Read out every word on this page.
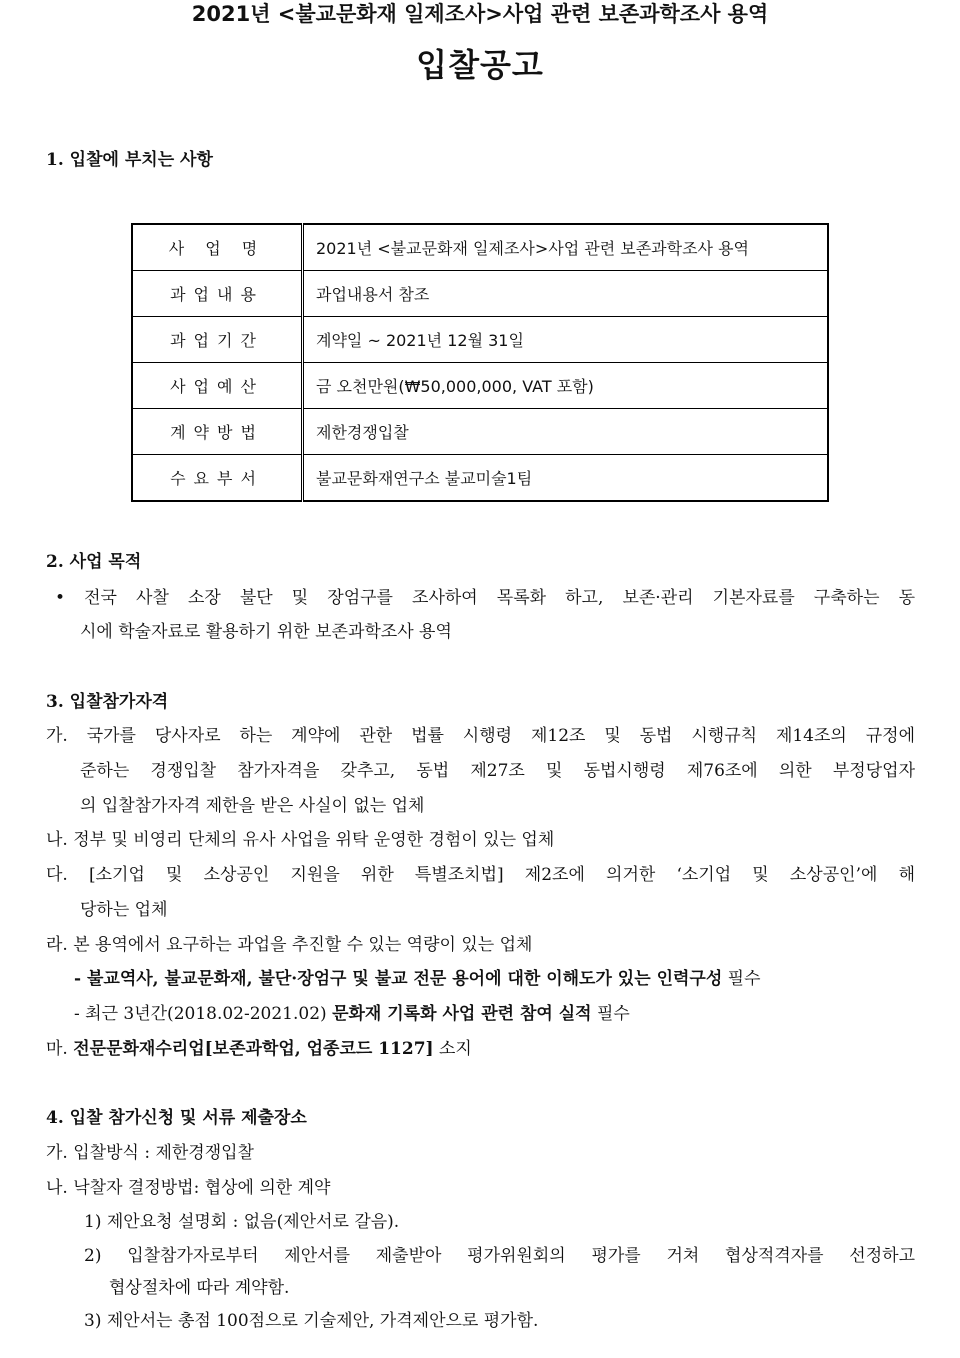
2021년 <불교문화재 일제조사>사업 관련 보존과학조사 용역
입찰공고
1. 입찰에 부치는 사항
사 업 명	2021년 <불교문화재 일제조사>사업 관련 보존과학조사 용역
과업내용	과업내용서 참조
과업기간	계약일 ~ 2021년 12월 31일
사업예산	금 오천만원(₩50,000,000, VAT 포함)
계약방법	제한경쟁입찰
수요부서	불교문화재연구소 불교미술1팀
2. 사업 목적
• 전국 사찰 소장 불단 및 장엄구를 조사하여 목록화 하고, 보존·관리 기본자료를 구축하는 동
시에 학술자료로 활용하기 위한 보존과학조사 용역
3. 입찰참가자격
가. 국가를 당사자로 하는 계약에 관한 법률 시행령 제12조 및 동법 시행규칙 제14조의 규정에
준하는 경쟁입찰 참가자격을 갖추고, 동법 제27조 및 동법시행령 제76조에 의한 부정당업자
의 입찰참가자격 제한을 받은 사실이 없는 업체
나. 정부 및 비영리 단체의 유사 사업을 위탁 운영한 경험이 있는 업체
다. [소기업 및 소상공인 지원을 위한 특별조치법] 제2조에 의거한 ‘소기업 및 소상공인’에 해
당하는 업체
라. 본 용역에서 요구하는 과업을 추진할 수 있는 역량이 있는 업체
- 불교역사, 불교문화재, 불단·장엄구 및 불교 전문 용어에 대한 이해도가 있는 인력구성 필수
- 최근 3년간(2018.02-2021.02) 문화재 기록화 사업 관련 참여 실적 필수
마. 전문문화재수리업[보존과학업, 업종코드 1127] 소지
4. 입찰 참가신청 및 서류 제출장소
가. 입찰방식 : 제한경쟁입찰
나. 낙찰자 결정방법: 협상에 의한 계약
1) 제안요청 설명회 : 없음(제안서로 갈음).
2) 입찰참가자로부터 제안서를 제출받아 평가위원회의 평가를 거쳐 협상적격자를 선정하고
협상절차에 따라 계약함.
3) 제안서는 총점 100점으로 기술제안, 가격제안으로 평가함.
